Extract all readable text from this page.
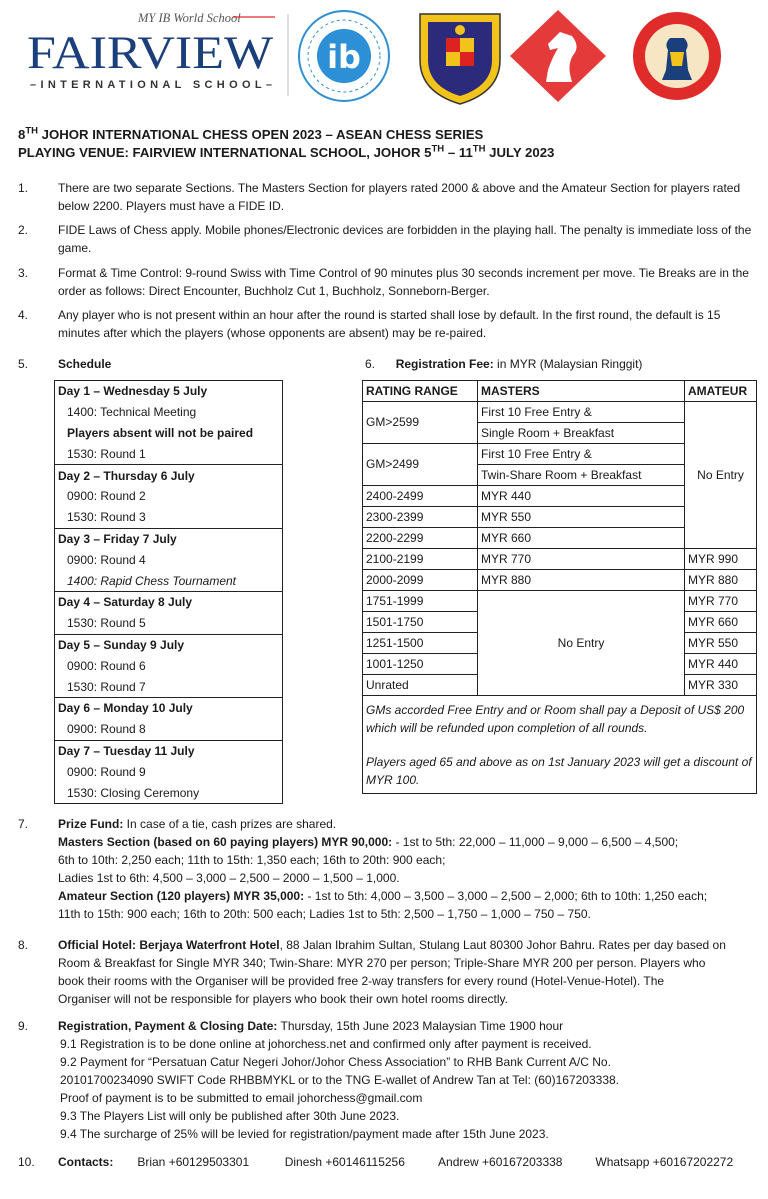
MY IB World School
FAIRVIEW
–INTERNATIONAL SCHOOL–
ib
8TH JOHOR INTERNATIONAL CHESS OPEN 2023 – ASEAN CHESS SERIES
PLAYING VENUE: FAIRVIEW INTERNATIONAL SCHOOL, JOHOR 5TH – 11TH JULY 2023
1.	There are two separate Sections. The Masters Section for players rated 2000 & above and the Amateur Section for players rated below 2200. Players must have a FIDE ID.
2.	FIDE Laws of Chess apply. Mobile phones/Electronic devices are forbidden in the playing hall. The penalty is immediate loss of the game.
3.	Format & Time Control: 9-round Swiss with Time Control of 90 minutes plus 30 seconds increment per move. Tie Breaks are in the order as follows: Direct Encounter, Buchholz Cut 1, Buchholz, Sonneborn-Berger.
4.	Any player who is not present within an hour after the round is started shall lose by default. In the first round, the default is 15 minutes after which the players (whose opponents are absent) may be re-paired.
5.	Schedule	6. Registration Fee: in MYR (Malaysian Ringgit)
Day 1 – Wednesday 5 July
1400: Technical Meeting
Players absent will not be paired
1530: Round 1
Day 2 – Thursday 6 July
0900: Round 2
1530: Round 3
Day 3 – Friday 7 July
0900: Round 4
1400: Rapid Chess Tournament
Day 4 – Saturday 8 July
1530: Round 5
Day 5 – Sunday 9 July
0900: Round 6
1530: Round 7
Day 6 – Monday 10 July
0900: Round 8
Day 7 – Tuesday 11 July
0900: Round 9
1530: Closing Ceremony
RATING RANGE	MASTERS	AMATEUR
GM>2599	First 10 Free Entry &	No Entry
	Single Room + Breakfast	
GM>2499	First 10 Free Entry &	
	Twin-Share Room + Breakfast	
2400-2499	MYR 440	
2300-2399	MYR 550	
2200-2299	MYR 660	
2100-2199	MYR 770	MYR 990
2000-2099	MYR 880	MYR 880
1751-1999	No Entry	MYR 770
1501-1750		MYR 660
1251-1500		MYR 550
1001-1250		MYR 440
Unrated		MYR 330

GMs accorded Free Entry and or Room shall pay a Deposit of US$ 200 which will be refunded upon completion of all rounds.
Players aged 65 and above as on 1st January 2023 will get a discount of MYR 100.		
7.	Prize Fund: In case of a tie, cash prizes are shared.
Masters Section (based on 60 paying players) MYR 90,000: - 1st to 5th: 22,000 – 11,000 – 9,000 – 6,500 – 4,500;
6th to 10th: 2,250 each; 11th to 15th: 1,350 each; 16th to 20th: 900 each;
Ladies 1st to 6th: 4,500 – 3,000 – 2,500 – 2000 – 1,500 – 1,000.
Amateur Section (120 players) MYR 35,000: - 1st to 5th: 4,000 – 3,500 – 3,000 – 2,500 – 2,000; 6th to 10th: 1,250 each;
11th to 15th: 900 each; 16th to 20th: 500 each; Ladies 1st to 5th: 2,500 – 1,750 – 1,000 – 750 – 750.
8.	Official Hotel: Berjaya Waterfront Hotel, 88 Jalan Ibrahim Sultan, Stulang Laut 80300 Johor Bahru. Rates per day based on
Room & Breakfast for Single MYR 340; Twin-Share: MYR 270 per person; Triple-Share MYR 200 per person. Players who
book their rooms with the Organiser will be provided free 2-way transfers for every round (Hotel-Venue-Hotel). The
Organiser will not be responsible for players who book their own hotel rooms directly.
9.	Registration, Payment & Closing Date: Thursday, 15th June 2023 Malaysian Time 1900 hour
9.1 Registration is to be done online at johorchess.net and confirmed only after payment is received.
9.2 Payment for “Persatuan Catur Negeri Johor/Johor Chess Association” to RHB Bank Current A/C No.
20101700234090 SWIFT Code RHBBMYKL or to the TNG E-wallet of Andrew Tan at Tel: (60)167203338.
Proof of payment is to be submitted to email johorchess@gmail.com
9.3 The Players List will only be published after 30th June 2023.
9.4 The surcharge of 25% will be levied for registration/payment made after 15th June 2023.
10.	Contacts: Brian +60129503301	Dinesh +60146115256	Andrew +60167203338	Whatsapp +60167202272
